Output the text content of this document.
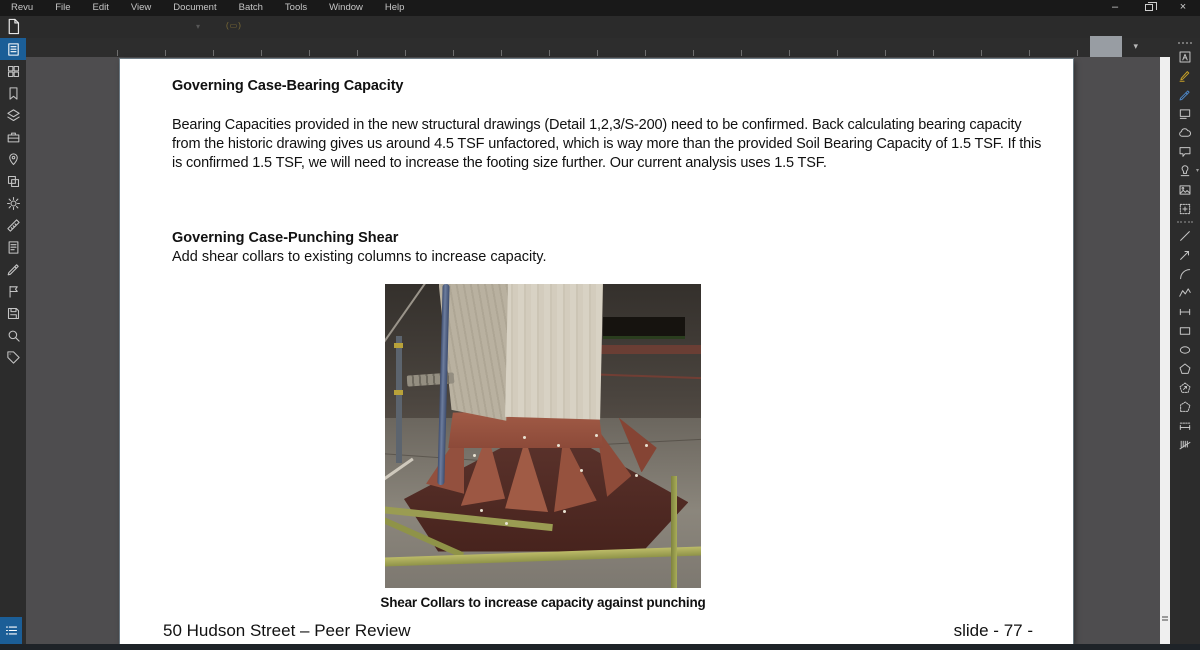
Revu	File	Edit	View	Document	Batch	Tools	Window	Help	–	×
▾	(▭)
▾
Governing Case-Bearing Capacity
Bearing Capacities provided in the new structural drawings (Detail 1,2,3/S-200) need to be confirmed. Back calculating bearing capacity from the historic drawing gives us around 4.5 TSF unfactored, which is way more than the provided Soil Bearing Capacity of 1.5 TSF. If this is confirmed 1.5 TSF, we will need to increase the footing size further. Our current analysis uses 1.5 TSF.
Governing Case-Punching Shear
Add shear collars to existing columns to increase capacity.
Shear Collars to increase capacity against punching
50 Hudson Street – Peer Review	slide - 77 -
▾
